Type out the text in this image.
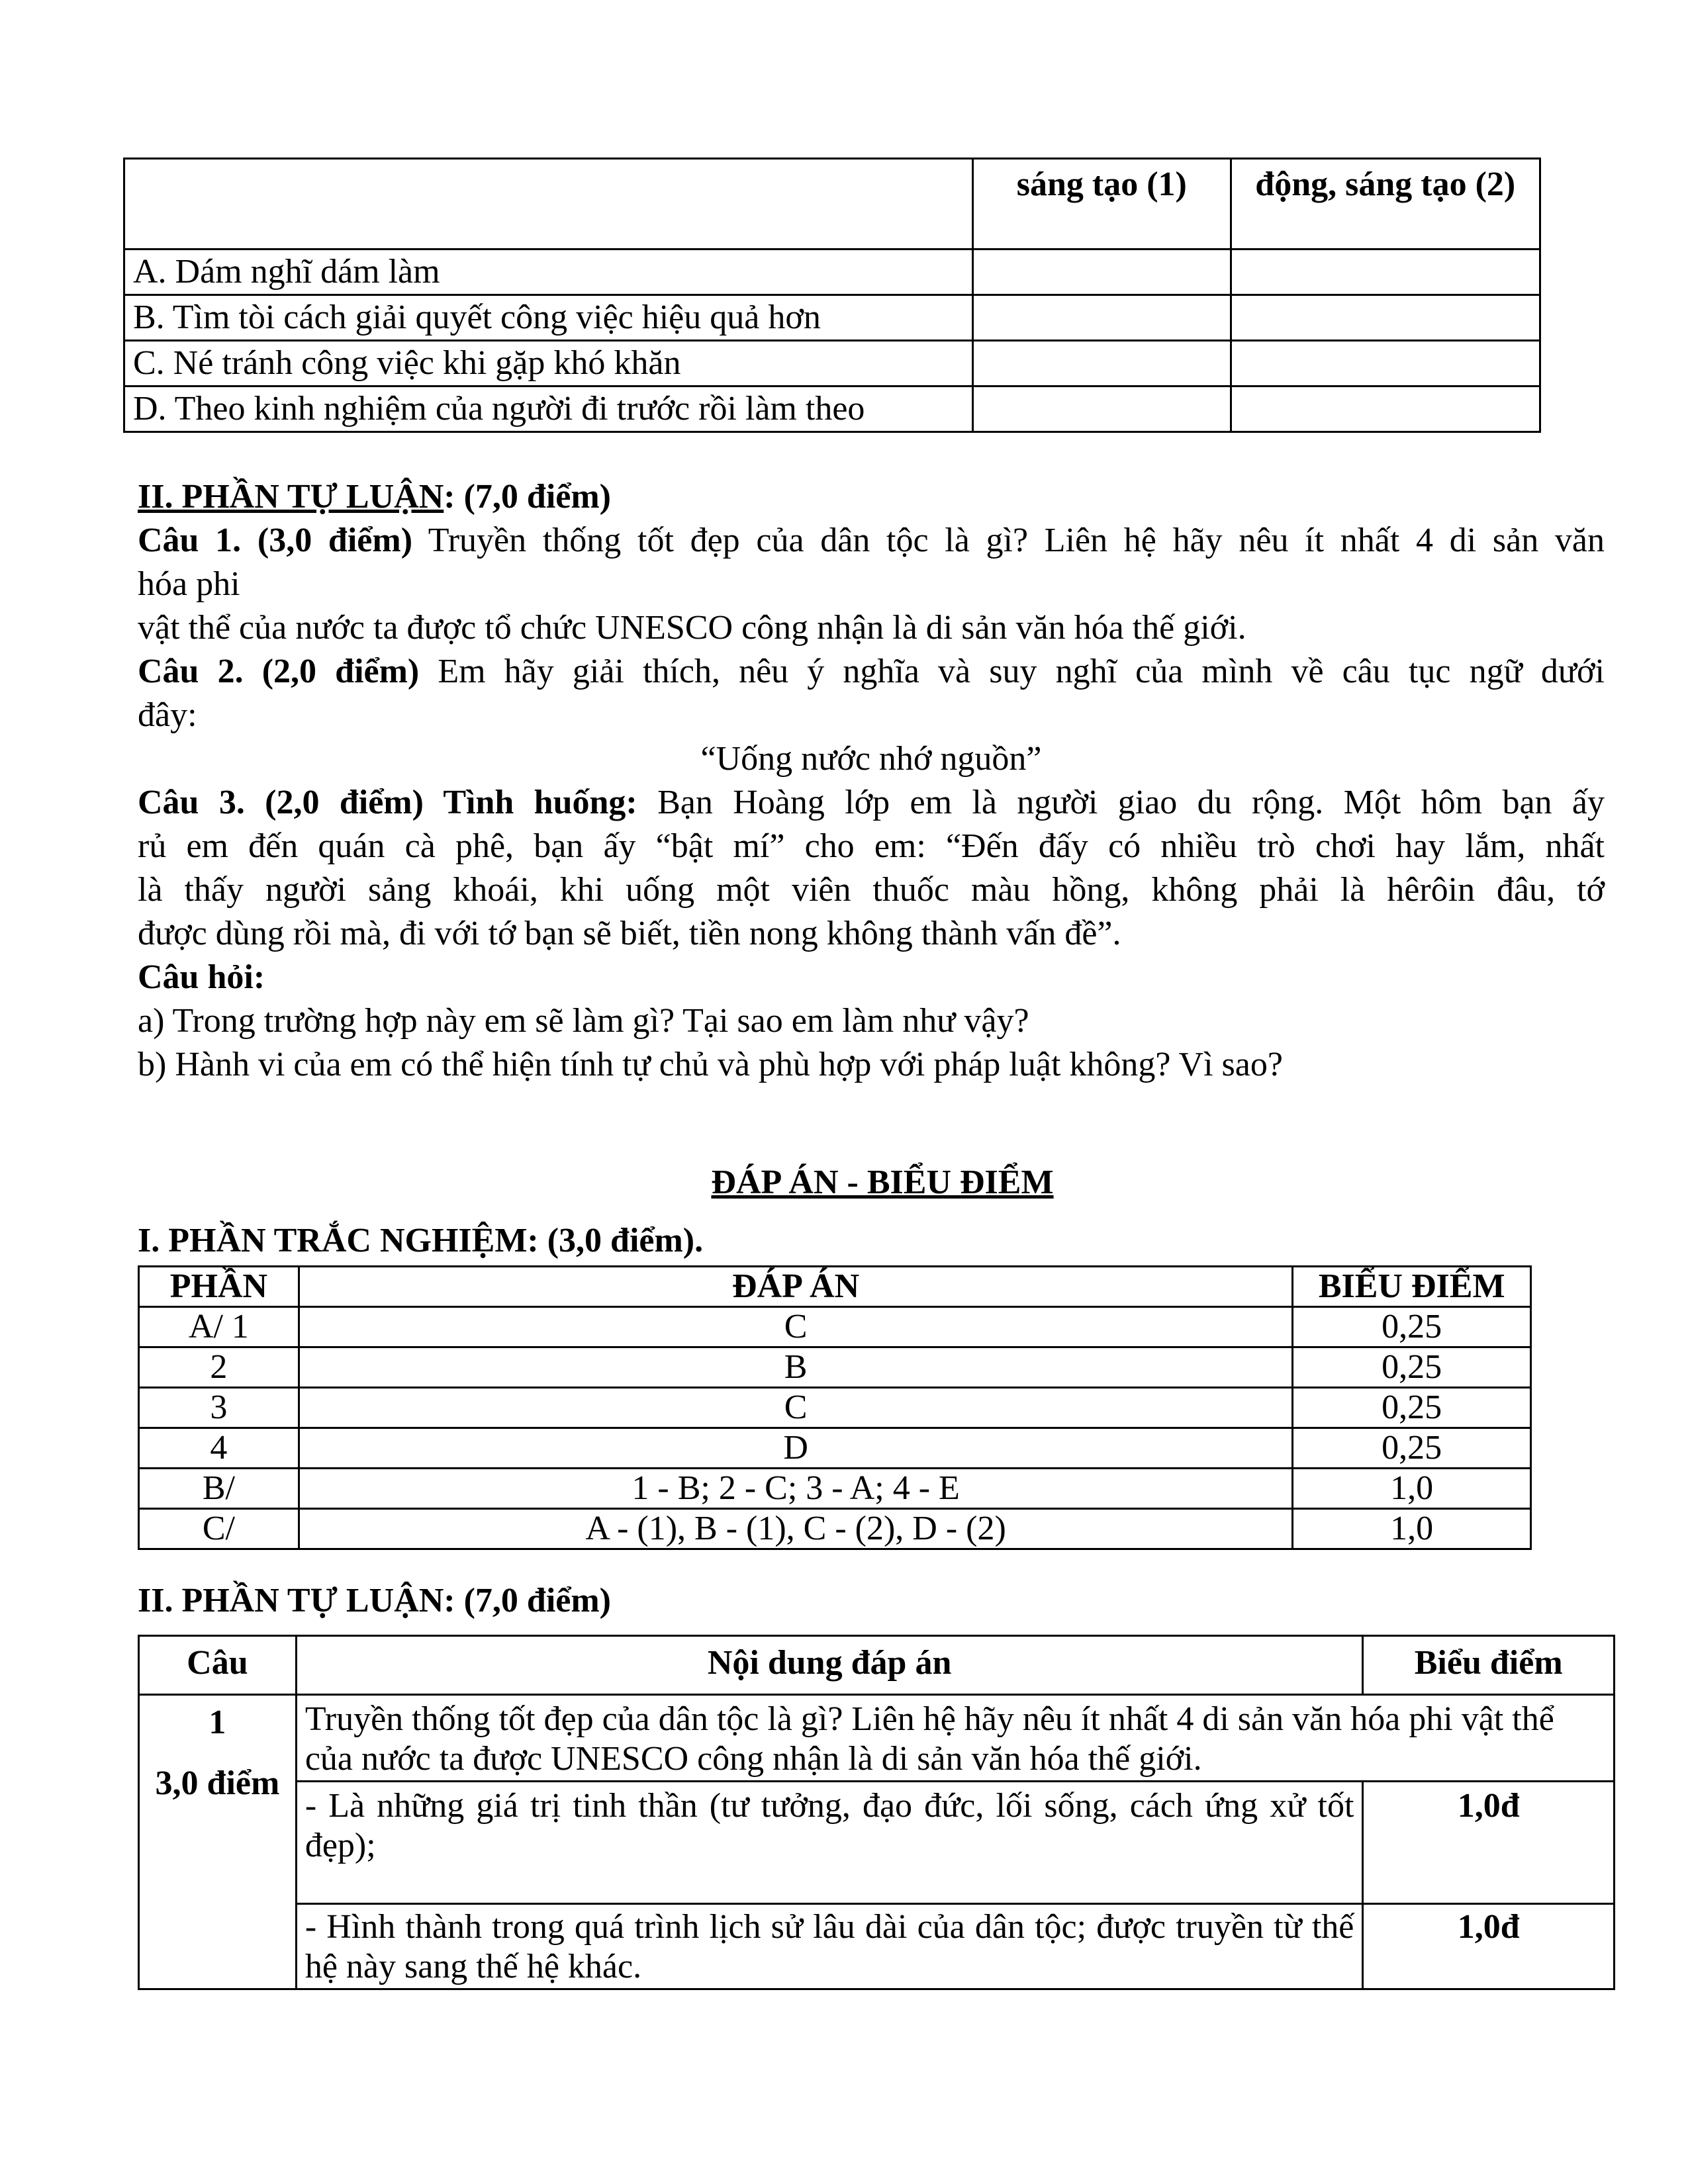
	sáng tạo (1)	động, sáng tạo (2)
A. Dám nghĩ dám làm		
B. Tìm tòi cách giải quyết công việc hiệu quả hơn		
C. Né tránh công việc khi gặp khó khăn		
D. Theo kinh nghiệm của người đi trước rồi làm theo		
II. PHẦN TỰ LUẬN: (7,0 điểm)
Câu 1. (3,0 điểm) Truyền thống tốt đẹp của dân tộc là gì? Liên hệ hãy nêu ít nhất 4 di sản văn
hóa phi
vật thể của nước ta được tổ chức UNESCO công nhận là di sản văn hóa thế giới.
Câu 2. (2,0 điểm) Em hãy giải thích, nêu ý nghĩa và suy nghĩ của mình về câu tục ngữ dưới
đây:
“Uống nước nhớ nguồn”
Câu 3. (2,0 điểm) Tình huống: Bạn Hoàng lớp em là người giao du rộng. Một hôm bạn ấy
rủ em đến quán cà phê, bạn ấy “bật mí” cho em: “Đến đấy có nhiều trò chơi hay lắm, nhất
là thấy người sảng khoái, khi uống một viên thuốc màu hồng, không phải là hêrôin đâu, tớ
được dùng rồi mà, đi với tớ bạn sẽ biết, tiền nong không thành vấn đề”.
Câu hỏi:
a) Trong trường hợp này em sẽ làm gì? Tại sao em làm như vậy?
b) Hành vi của em có thể hiện tính tự chủ và phù hợp với pháp luật không? Vì sao?
ĐÁP ÁN - BIỂU ĐIỂM
I. PHẦN TRẮC NGHIỆM: (3,0 điểm).
PHẦN	ĐÁP ÁN	BIỂU ĐIỂM
A/ 1	C	0,25
2	B	0,25
3	C	0,25
4	D	0,25
B/	1 - B; 2 - C; 3 - A; 4 - E	1,0
C/	A - (1), B - (1), C - (2), D - (2)	1,0
II. PHẦN TỰ LUẬN: (7,0 điểm)
Câu	Nội dung đáp án	Biểu điểm

1
3,0 điểm	Truyền thống tốt đẹp của dân tộc là gì? Liên hệ hãy nêu ít nhất 4 di sản văn hóa phi vật thể của nước ta được UNESCO công nhận là di sản văn hóa thế giới.	
	- Là những giá trị tinh thần (tư tưởng, đạo đức, lối sống, cách ứng xử tốt đẹp);	1,0đ
	- Hình thành trong quá trình lịch sử lâu dài của dân tộc; được truyền từ thế hệ này sang thế hệ khác.	1,0đ
